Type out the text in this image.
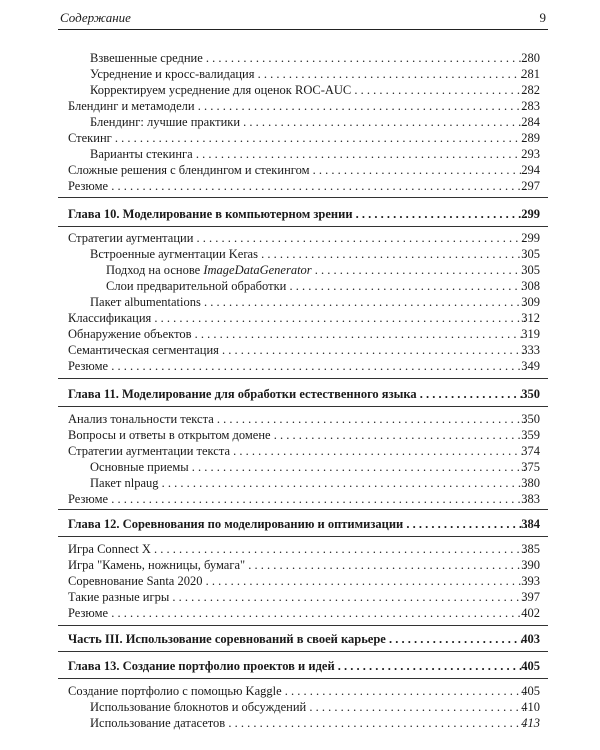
Содержание	9
Взвешенные средние . . .	280
Усреднение и кросс-валидация . . .	281
Корректируем усреднение для оценок ROC-AUC . . .	282
Блендинг и метамодели . . .	283
Блендинг: лучшие практики . . .	284
Стекинг . . .	289
Варианты стекинга . . .	293
Сложные решения с блендингом и стекингом . . .	294
Резюме . . .	297
Глава 10. Моделирование в компьютерном зрении . . .	299
Стратегии аугментации . . .	299
Встроенные аугментации Keras . . .	305
Подход на основе ImageDataGenerator . . .	305
Слои предварительной обработки . . .	308
Пакет albumentations . . .	309
Классификация . . .	312
Обнаружение объектов . . .	319
Семантическая сегментация . . .	333
Резюме . . .	349
Глава 11. Моделирование для обработки естественного языка . . .	350
Анализ тональности текста . . .	350
Вопросы и ответы в открытом домене . . .	359
Стратегии аугментации текста . . .	374
Основные приемы . . .	375
Пакет nlpaug . . .	380
Резюме . . .	383
Глава 12. Соревнования по моделированию и оптимизации . . .	384
Игра Connect X . . .	385
Игра "Камень, ножницы, бумага" . . .	390
Соревнование Santa 2020 . . .	393
Такие разные игры . . .	397
Резюме . . .	402
Часть III. Использование соревнований в своей карьере . . .	403
Глава 13. Создание портфолио проектов и идей . . .	405
Создание портфолио с помощью Kaggle . . .	405
Использование блокнотов и обсуждений . . .	410
Использование датасетов . . .	413
